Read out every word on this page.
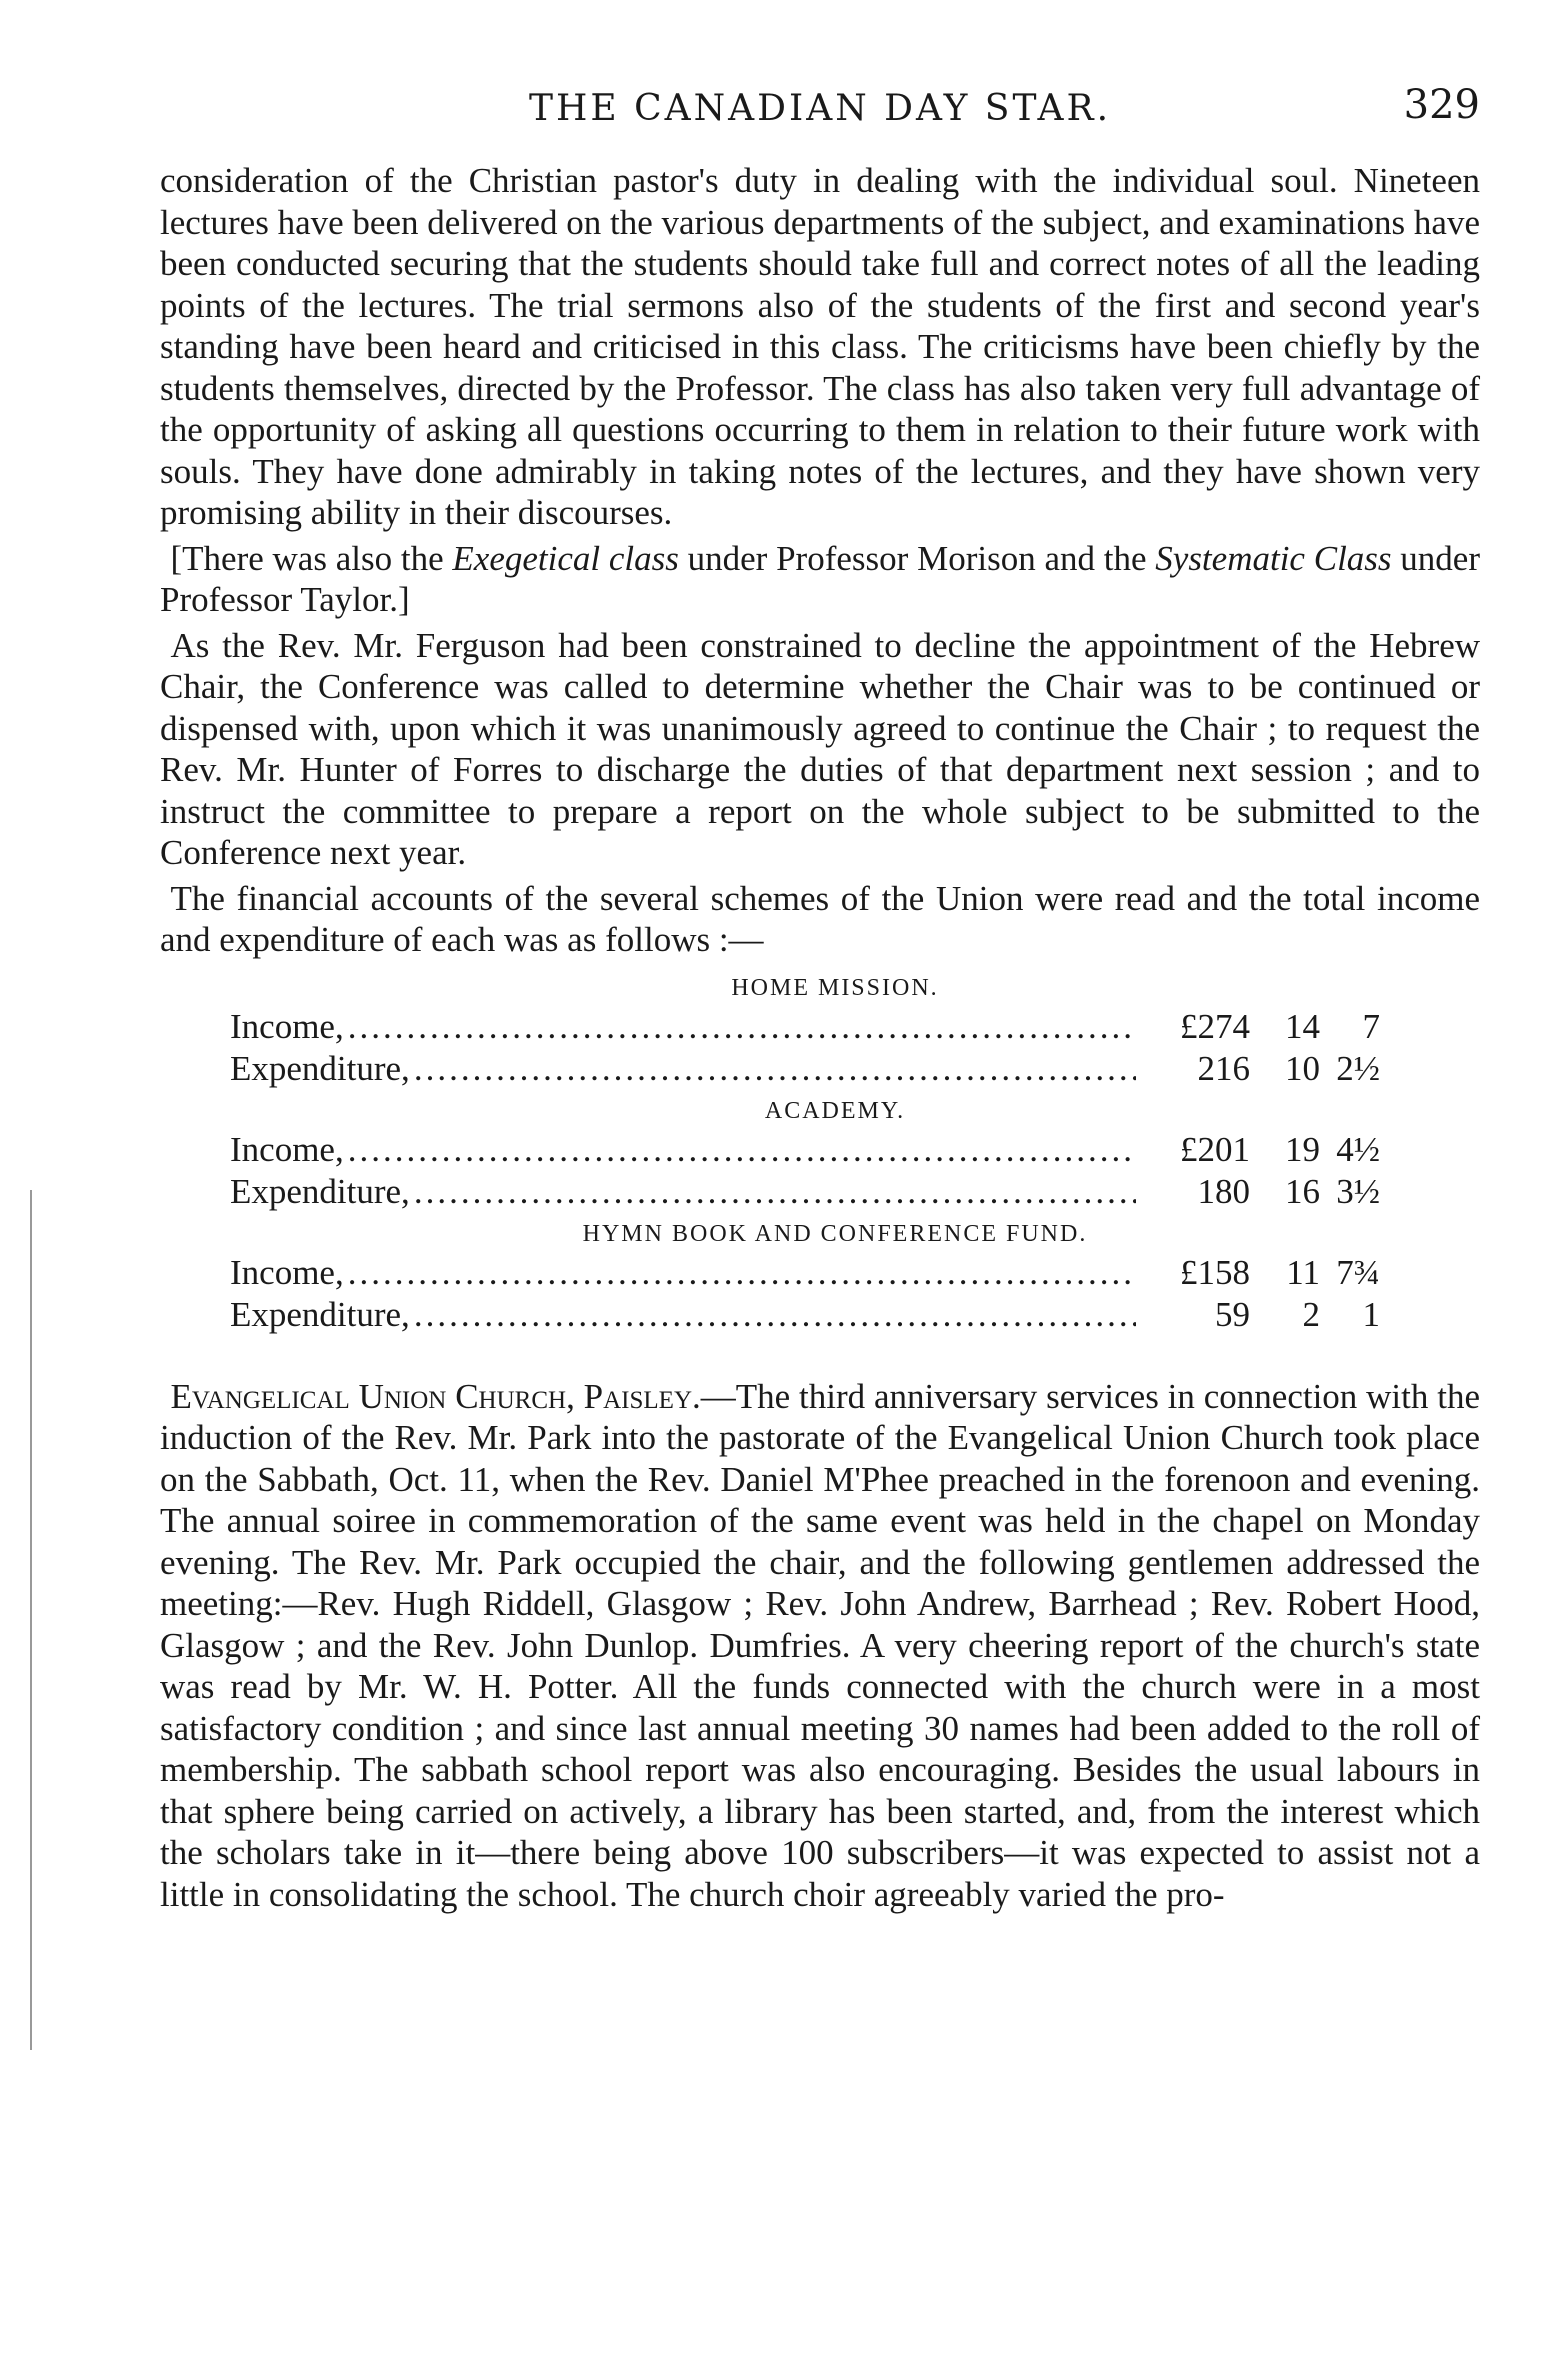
THE CANADIAN DAY STAR.	329

consideration of the Christian pastor's duty in dealing with the individual soul. Nineteen lectures have been delivered on the various departments of the subject, and examinations have been conducted securing that the students should take full and correct notes of all the leading points of the lectures. The trial sermons also of the students of the first and second year's standing have been heard and criticised in this class. The criticisms have been chiefly by the students themselves, directed by the Professor. The class has also taken very full advantage of the opportunity of asking all questions occurring to them in relation to their future work with souls. They have done admirably in taking notes of the lectures, and they have shown very promising ability in their discourses.

[There was also the Exegetical class under Professor Morison and the Systematic Class under Professor Taylor.]

As the Rev. Mr. Ferguson had been constrained to decline the appointment of the Hebrew Chair, the Conference was called to determine whether the Chair was to be continued or dispensed with, upon which it was unanimously agreed to continue the Chair ; to request the Rev. Mr. Hunter of Forres to discharge the duties of that department next session ; and to instruct the committee to prepare a report on the whole subject to be submitted to the Conference next year.

The financial accounts of the several schemes of the Union were read and the total income and expenditure of each was as follows :—

HOME MISSION.
Income, .....	£274	14	7
Expenditure, .....	216	10 2½
ACADEMY.
Income, .....	£201	19 4½
Expenditure, .....	180	16 3½
HYMN BOOK AND CONFERENCE FUND.
Income, .....	£158	11 7¾
Expenditure, .....	59	2	1

Evangelical Union Church, Paisley.—The third anniversary services in connection with the induction of the Rev. Mr. Park into the pastorate of the Evangelical Union Church took place on the Sabbath, Oct. 11, when the Rev. Daniel M'Phee preached in the forenoon and evening. The annual soiree in commemoration of the same event was held in the chapel on Monday evening. The Rev. Mr. Park occupied the chair, and the following gentlemen addressed the meeting:—Rev. Hugh Riddell, Glasgow ; Rev. John Andrew, Barrhead ; Rev. Robert Hood, Glasgow ; and the Rev. John Dunlop. Dumfries. A very cheering report of the church's state was read by Mr. W. H. Potter. All the funds connected with the church were in a most satisfactory condition ; and since last annual meeting 30 names had been added to the roll of membership. The sabbath school report was also encouraging. Besides the usual labours in that sphere being carried on actively, a library has been started, and, from the interest which the scholars take in it—there being above 100 subscribers—it was expected to assist not a little in consolidating the school. The church choir agreeably varied the pro-
